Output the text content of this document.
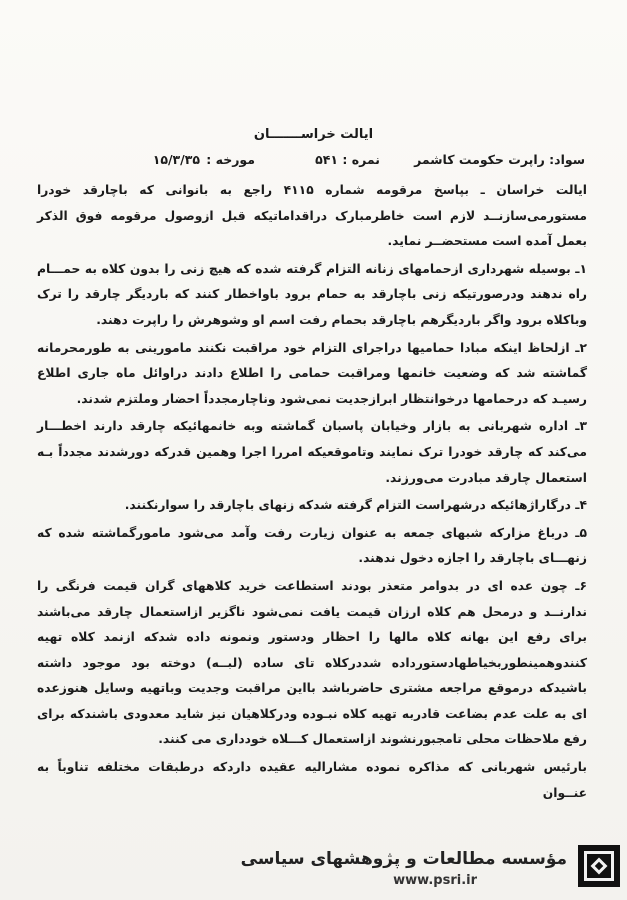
ایالت خراســـــــان
سواد: راپرت حکومت کاشمر
نمره : ۵۴۱
مورخه :
۱۵/۳/۳۵

ایالت خراسان ـ بپاسخ مرقومه شماره ۴۱۱۵ راجع به بانوانی که باچارقد خودرا مستورمی‌سازنــد لازم است خاطرمبارک دراقداماتیکه قبل ازوصول مرقومه فوق الذکر بعمل آمده است مستحضــر نماید.

۱ـ بوسیله شهرداری ازحمامهای زنانه التزام گرفته شده که هیچ زنی را بدون کلاه به حمـــام راه ندهند ودرصورتیکه زنی باچارقد به حمام برود باواخطار کنند که باردیگر چارقد را ترک وباکلاه برود واگر باردیگرهم باچارقد بحمام رفت اسم او وشوهرش را راپرت دهند.

۲ـ ازلحاظ اینکه مبادا حمامیها دراجرای التزام خود مراقبت نکنند مامورینی به طورمحرمانه گماشته شد که وضعیت خانمها ومراقبت حمامی را اطلاع دادند دراوائل ماه جاری اطلاع رسیـد که درحمامها درخوانتظار ابرازجدیت نمی‌شود وناچارمجدداً احضار وملتزم شدند.

۳ـ اداره شهربانی به بازار وخیابان پاسبان گماشته وبه خانمهائیکه چارقد دارند اخطـــار می‌کند که چارقد خودرا ترک نمایند وتاموقعیکه امررا اجرا وهمین قدرکه دورشدند مجدداً بـه استعمال چارقد مبادرت می‌ورزند.

۴ـ درگاراژهائیکه درشهراست التزام گرفته شدکه زنهای باچارقد را سوارنکنند.

۵ـ درباغ مزارکه شبهای جمعه به عنوان زیارت رفت وآمد می‌شود مامورگماشته شده که زنهـــای باچارقد را اجازه دخول ندهند.

۶ـ چون عده ای در بدوامر متعذر بودند استطاعت خرید کلاههای گران قیمت فرنگی را ندارنــد و درمحل هم کلاه ارزان قیمت یافت نمی‌شود ناگزیر ازاستعمال چارقد می‌باشند برای رفع این بهانه کلاه مالها را احظار ودستور ونمونه داده شدکه ازنمد کلاه تهیه کنندوهمینطوربخیاطهادستورداده شددرکلاه تای ساده (لبــه) دوخته بود موجود داشته باشیدکه درموقع مراجعه مشتری حاضرباشد بااین مراقبت وجدیت وباتهیه وسایل هنوزعده ای به علت عدم بضاعت قادربه تهیه کلاه نبـوده ودرکلاهیان نیز شاید معدودی باشندکه برای رفع ملاحظات محلی تامجبورنشوند ازاستعمال کـــلاه خودداری می کنند.

بارئیس شهربانی که مذاکره نموده مشارالیه عقیده داردکه درطبقات مختلفه تناوباً به عنــوان

مؤسسه مطالعات و پژوهشهای سیاسی
www.psri.ir
